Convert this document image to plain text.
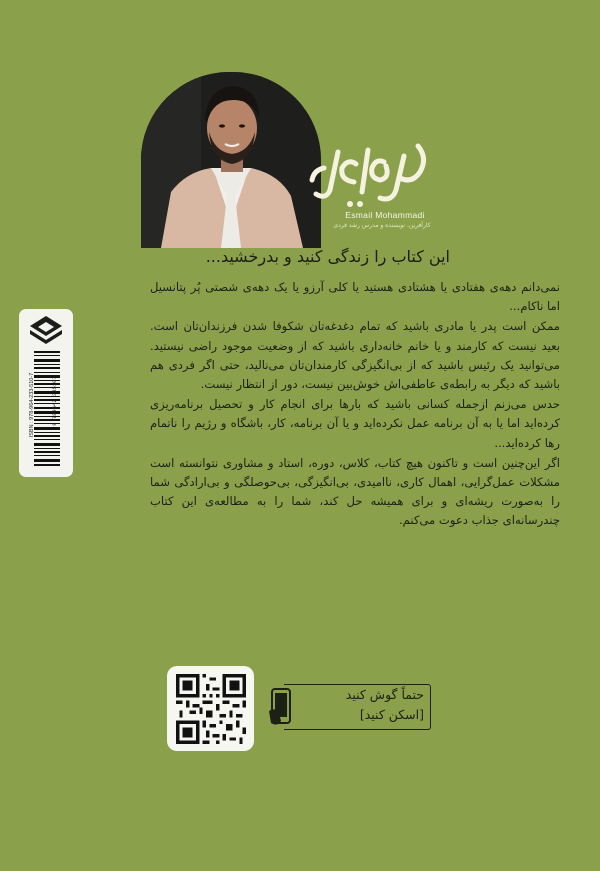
Esmail Mohammadi
کارآفرین، نویسنده و مدرس رشد فردی
این کتاب را زندگی کنید و بدرخشید...

نمی‌دانم دهه‌ی هفتادی یا هشتادی هستید یا کلی آرزو یا یک دهه‌ی شصتی پُر پتانسیل اما ناکام...

ممکن است پدر یا مادری باشید که تمام دغدغه‌تان شکوفا شدن فرزندان‌تان است. بعید نیست که کارمند و یا خانم خانه‌داری باشید که از وضعیت موجود راضی نیستید. می‌توانید یک رئیس باشید که از بی‌انگیزگی کارمندان‌تان می‌نالید، حتی اگر فردی هم باشید که دیگر به رابطه‌ی عاطفی‌اش خوش‌بین نیست، دور از انتظار نیست.

حدس می‌زنم ازجمله کسانی باشید که بارها برای انجام کار و تحصیل برنامه‌ریزی کرده‌اید اما یا به آن برنامه عمل نکرده‌اید و یا آن برنامه، کار، باشگاه و رژیم را ناتمام رها کرده‌اید...

اگر این‌چنین است و تاکنون هیچ کتاب، کلاس، دوره، استاد و مشاوری نتوانسته است مشکلات عمل‌گرایی، اهمال کاری، ناامیدی، بی‌انگیزگی، بی‌حوصلگی و بی‌ارادگی شما را به‌صورت ریشه‌ای و برای همیشه حل کند، شما را به مطالعه‌ی این کتاب چندرسانه‌ای جذاب دعوت می‌کنم.

ISBN : 978-964-233-510-7	9 789642 335107
حتماً گوش کنید
[اسکن کنید]
